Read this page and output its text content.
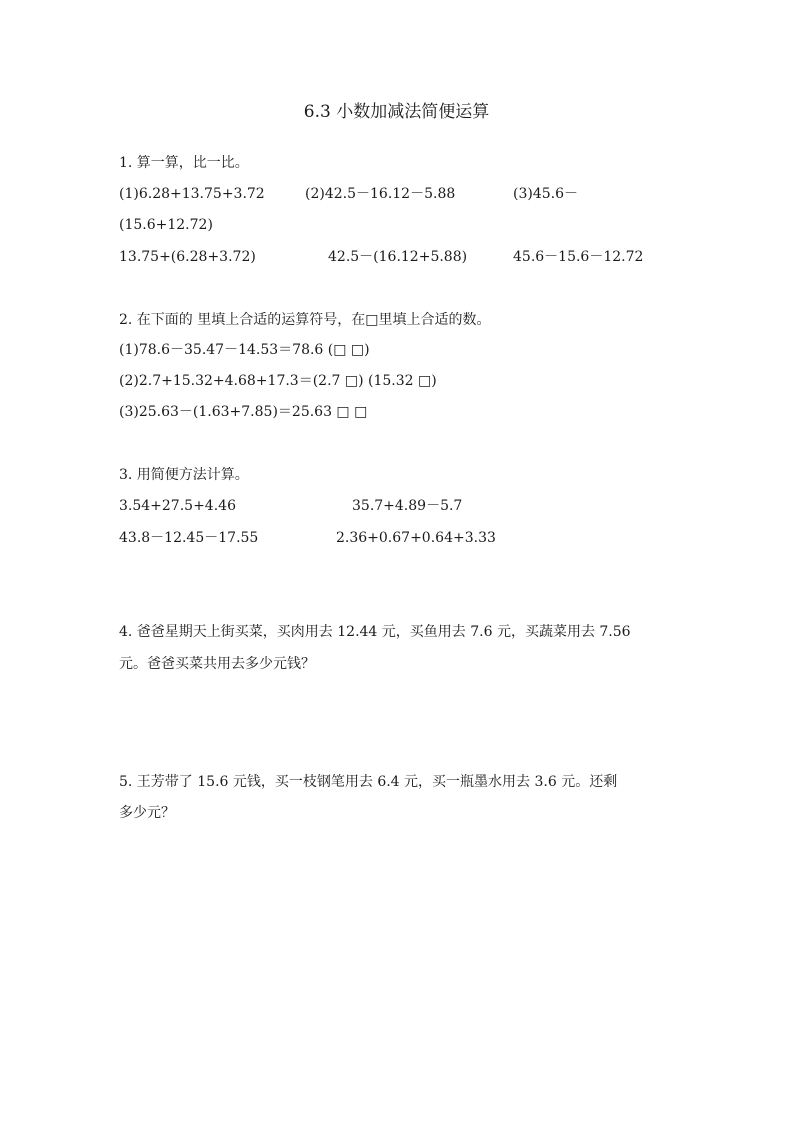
6.3 小数加减法简便运算
1. 算一算，比一比。
(1)6.28+13.75+3.72	(2)42.5－16.12－5.88	(3)45.6－
(15.6+12.72)
13.75+(6.28+3.72)	42.5－(16.12+5.88)	45.6－15.6－12.72
2. 在下面的 里填上合适的运算符号，在□里填上合适的数。
(1)78.6－35.47－14.53＝78.6 (□ □)
(2)2.7+15.32+4.68+17.3＝(2.7 □) (15.32 □)
(3)25.63－(1.63+7.85)＝25.63 □ □
3. 用简便方法计算。
3.54+27.5+4.46	35.7+4.89－5.7
43.8－12.45－17.55	2.36+0.67+0.64+3.33
4. 爸爸星期天上街买菜，买肉用去 12.44 元，买鱼用去 7.6 元，买蔬菜用去 7.56
元。爸爸买菜共用去多少元钱？
5. 王芳带了 15.6 元钱，买一枝钢笔用去 6.4 元，买一瓶墨水用去 3.6 元。还剩
多少元？
